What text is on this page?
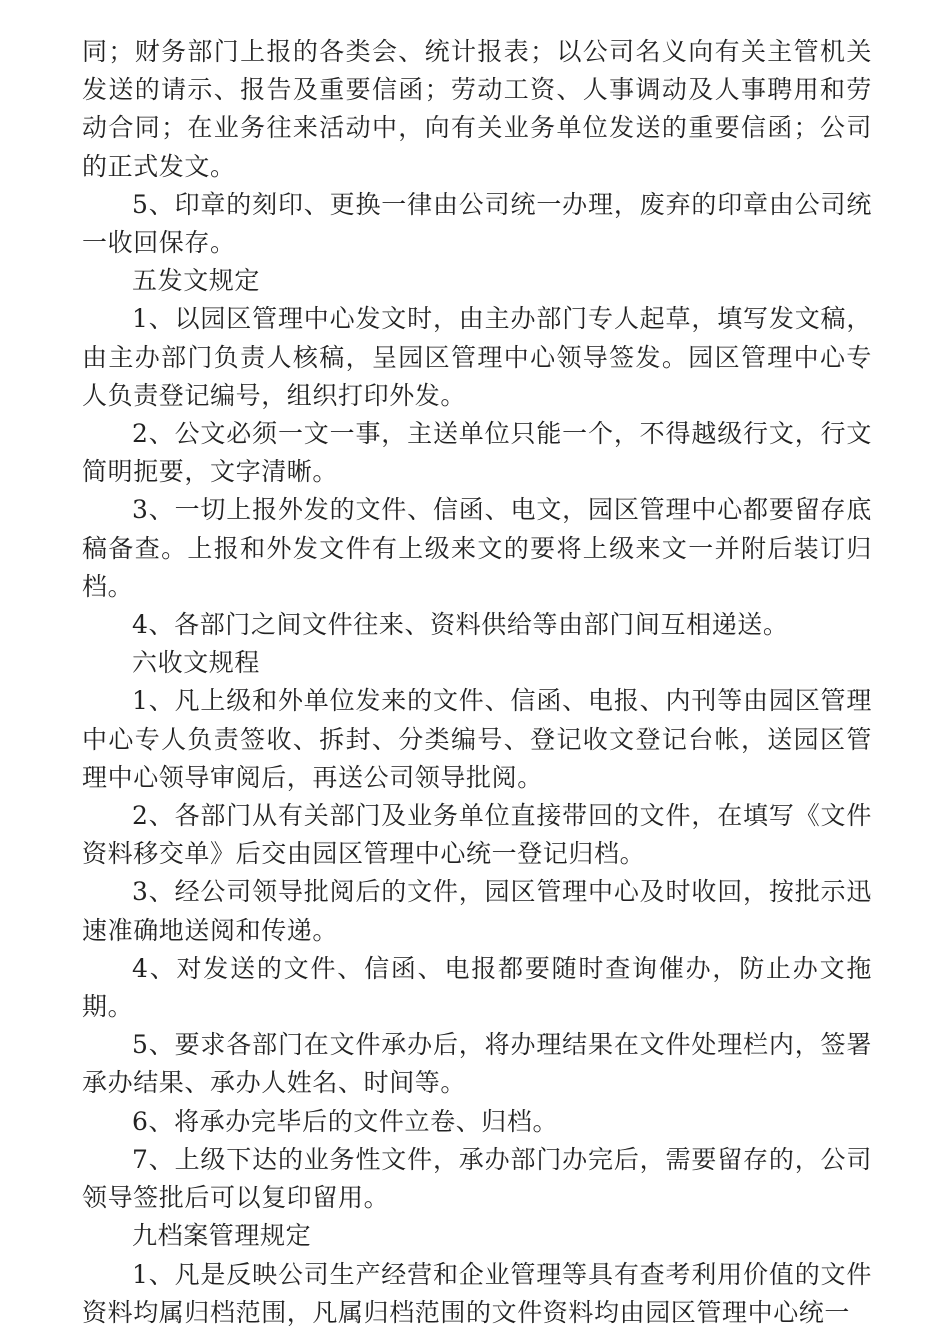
同；财务部门上报的各类会、统计报表；以公司名义向有关主管机关发送的请示、报告及重要信函；劳动工资、人事调动及人事聘用和劳动合同；在业务往来活动中，向有关业务单位发送的重要信函；公司的正式发文。

5、印章的刻印、更换一律由公司统一办理，废弃的印章由公司统一收回保存。

五发文规定

1、以园区管理中心发文时，由主办部门专人起草，填写发文稿，由主办部门负责人核稿，呈园区管理中心领导签发。园区管理中心专人负责登记编号，组织打印外发。

2、公文必须一文一事，主送单位只能一个，不得越级行文，行文简明扼要，文字清晰。

3、一切上报外发的文件、信函、电文，园区管理中心都要留存底稿备查。上报和外发文件有上级来文的要将上级来文一并附后装订归档。

4、各部门之间文件往来、资料供给等由部门间互相递送。

六收文规程

1、凡上级和外单位发来的文件、信函、电报、内刊等由园区管理中心专人负责签收、拆封、分类编号、登记收文登记台帐，送园区管理中心领导审阅后，再送公司领导批阅。

2、各部门从有关部门及业务单位直接带回的文件，在填写《文件资料移交单》后交由园区管理中心统一登记归档。

3、经公司领导批阅后的文件，园区管理中心及时收回，按批示迅速准确地送阅和传递。

4、对发送的文件、信函、电报都要随时查询催办，防止办文拖期。

5、要求各部门在文件承办后，将办理结果在文件处理栏内，签署承办结果、承办人姓名、时间等。

6、将承办完毕后的文件立卷、归档。

7、上级下达的业务性文件，承办部门办完后，需要留存的，公司领导签批后可以复印留用。

九档案管理规定

1、凡是反映公司生产经营和企业管理等具有查考利用价值的文件资料均属归档范围，凡属归档范围的文件资料均由园区管理中心统一
